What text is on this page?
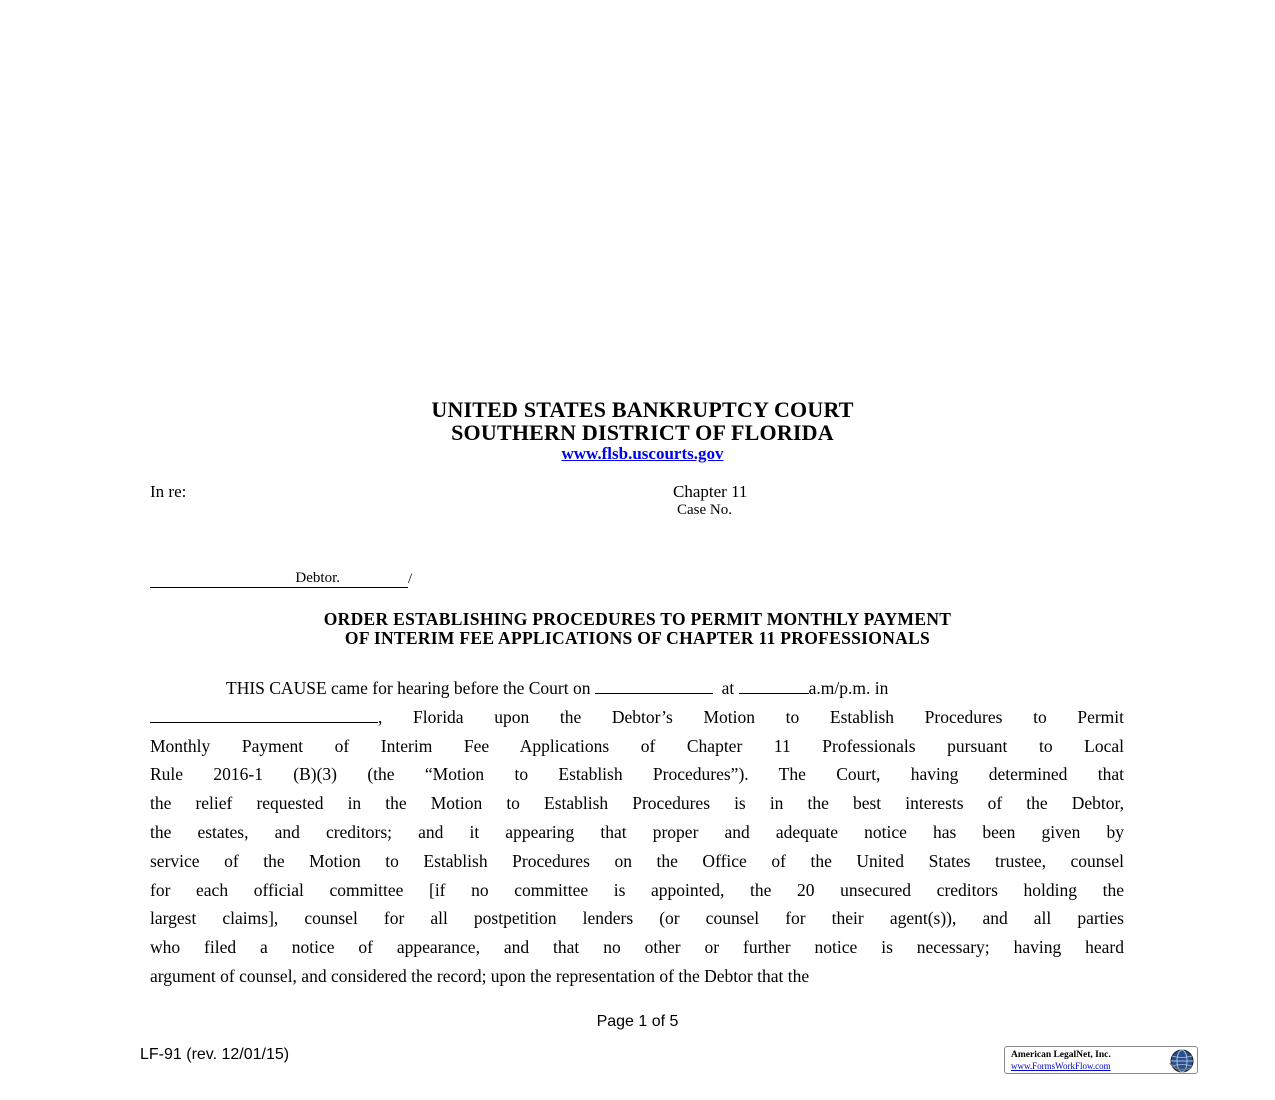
UNITED STATES BANKRUPTCY COURT
SOUTHERN DISTRICT OF FLORIDA
www.flsb.uscourts.gov
In re:	Chapter 11
Case No.
Debtor.	/
ORDER ESTABLISHING PROCEDURES TO PERMIT MONTHLY PAYMENT
OF INTERIM FEE APPLICATIONS OF CHAPTER 11 PROFESSIONALS
THIS CAUSE came for hearing before the Court on	at	a.m/p.m. in
, Florida upon the Debtor’s Motion to Establish Procedures to Permit
Monthly Payment of Interim Fee Applications of Chapter 11 Professionals pursuant to Local
Rule 2016-1 (B)(3) (the “Motion to Establish Procedures”). The Court, having determined that
the relief requested in the Motion to Establish Procedures is in the best interests of the Debtor,
the estates, and creditors; and it appearing that proper and adequate notice has been given by
service of the Motion to Establish Procedures on the Office of the United States trustee, counsel
for each official committee [if no committee is appointed, the 20 unsecured creditors holding the
largest claims], counsel for all postpetition lenders (or counsel for their agent(s)), and all parties
who filed a notice of appearance, and that no other or further notice is necessary; having heard
argument of counsel, and considered the record; upon the representation of the Debtor that the
Page 1 of 5
LF-91 (rev. 12/01/15)	American LegalNet, Inc.
www.FormsWorkFlow.com
